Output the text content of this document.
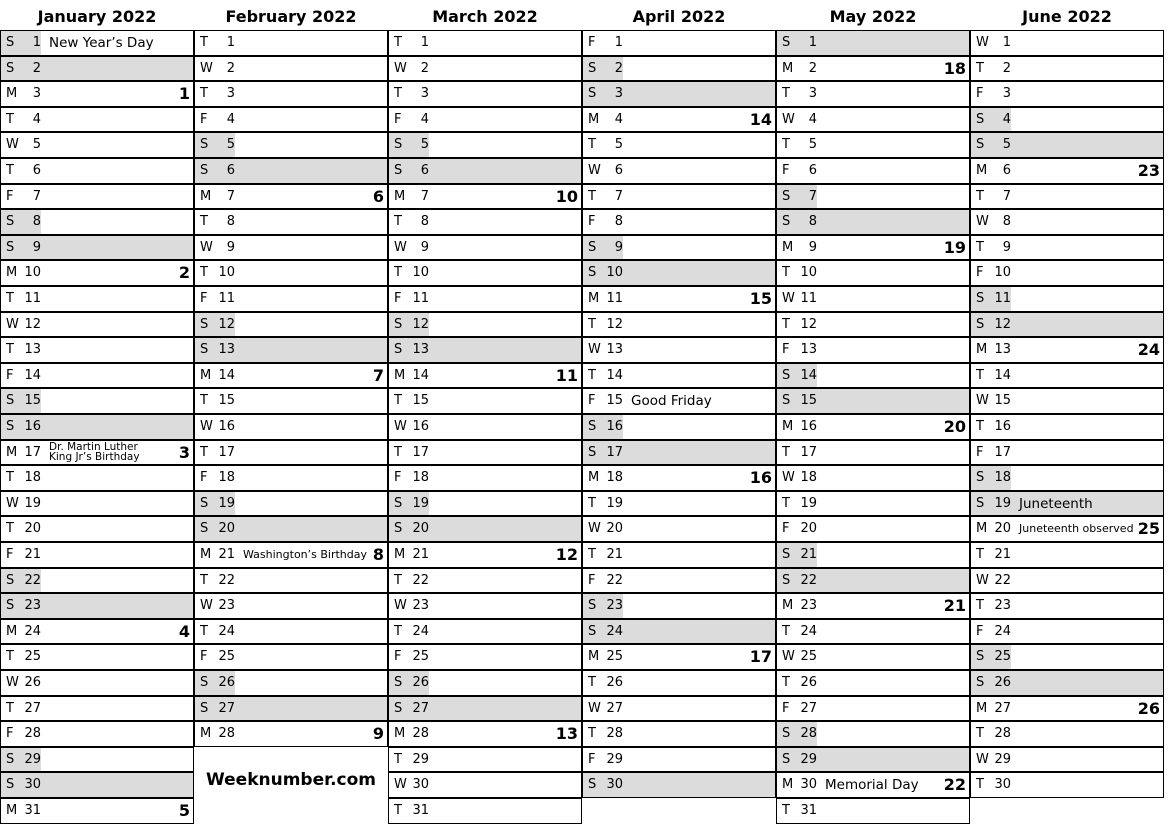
January 2022
S	1 New Year’s Day
S	2
M	3	1
T	4
W	5
T	6
F	7
S	8
S	9
M 10	2
T 11
W 12
T 13
F 14
S 15
S 16
M 17 Dr. Martin Luther King Jr’s Birthday	3
T 18
W 19
T 20
F 21
S 22
S 23
M 24	4
T 25
W 26
T 27
F 28
S 29
S 30
M 31	5
February 2022
T	1
W	2
T	3
F	4
S	5
S	6
M	7	6
T	8
W	9
T 10
F 11
S 12
S 13
M 14	7
T 15
W 16
T 17
F 18
S 19
S 20
M 21 Washington’s Birthday 8
T 22
W 23
T 24
F 25
S 26
S 27
M 28	9
March 2022
T	1
W	2
T	3
F	4
S	5
S	6
M	7	10
T	8
W	9
T 10
F 11
S 12
S 13
M 14	11
T 15
W 16
T 17
F 18
S 19
S 20
M 21	12
T 22
W 23
T 24
F 25
S 26
S 27
M 28	13
T 29
W 30
T 31
April 2022
F	1
S	2
S	3
M	4	14
T	5
W	6
T	7
F	8
S	9
S 10
M 11	15
T 12
W 13
T 14
F 15 Good Friday
S 16
S 17
M 18	16
T 19
W 20
T 21
F 22
S 23
S 24
M 25	17
T 26
W 27
T 28
F 29
S 30
May 2022
S	1
M	2	18
T	3
W	4
T	5
F	6
S	7
S	8
M	9	19
T 10
W 11
T 12
F 13
S 14
S 15
M 16	20
T 17
W 18
T 19
F 20
S 21
S 22
M 23	21
T 24
W 25
T 26
F 27
S 28
S 29
M 30 Memorial Day 22
T 31
June 2022
W	1
T	2
F	3
S	4
S	5
M	6	23
T	7
W	8
T	9
F 10
S 11
S 12
M 13	24
T 14
W 15
T 16
F 17
S 18
S 19 Juneteenth
M 20 Juneteenth observed 25
T 21
W 22
T 23
F 24
S 25
S 26
M 27	26
T 28
W 29
T 30
Weeknumber.com
